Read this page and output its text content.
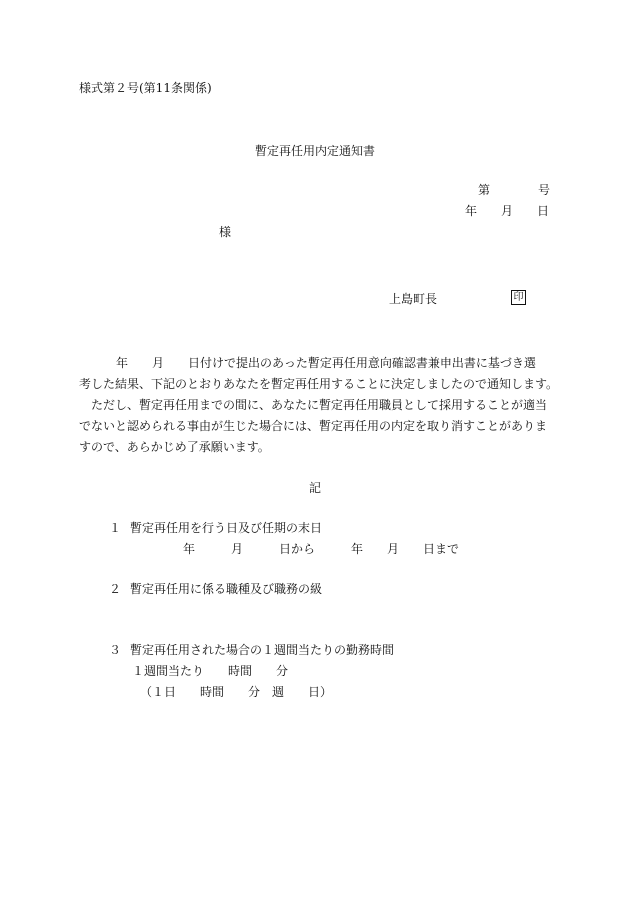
様式第２号(第11条関係)
暫定再任用内定通知書
第　　　　号
年　　月　　日
様
上島町長	印
年　　月　　日付けで提出のあった暫定再任用意向確認書兼申出書に基づき選
考した結果、下記のとおりあなたを暫定再任用することに決定しましたので通知します。
ただし、暫定再任用までの間に、あなたに暫定再任用職員として採用することが適当
でないと認められる事由が生じた場合には、暫定再任用の内定を取り消すことがありま
すので、あらかじめ了承願います。
記
１ 暫定再任用を行う日及び任期の末日
年　　　月　　　日から　　　年　　月　　日まで
２ 暫定再任用に係る職種及び職務の級
３ 暫定再任用された場合の１週間当たりの勤務時間
１週間当たり　　時間　　分
（１日　　時間　　分　週　　日）
